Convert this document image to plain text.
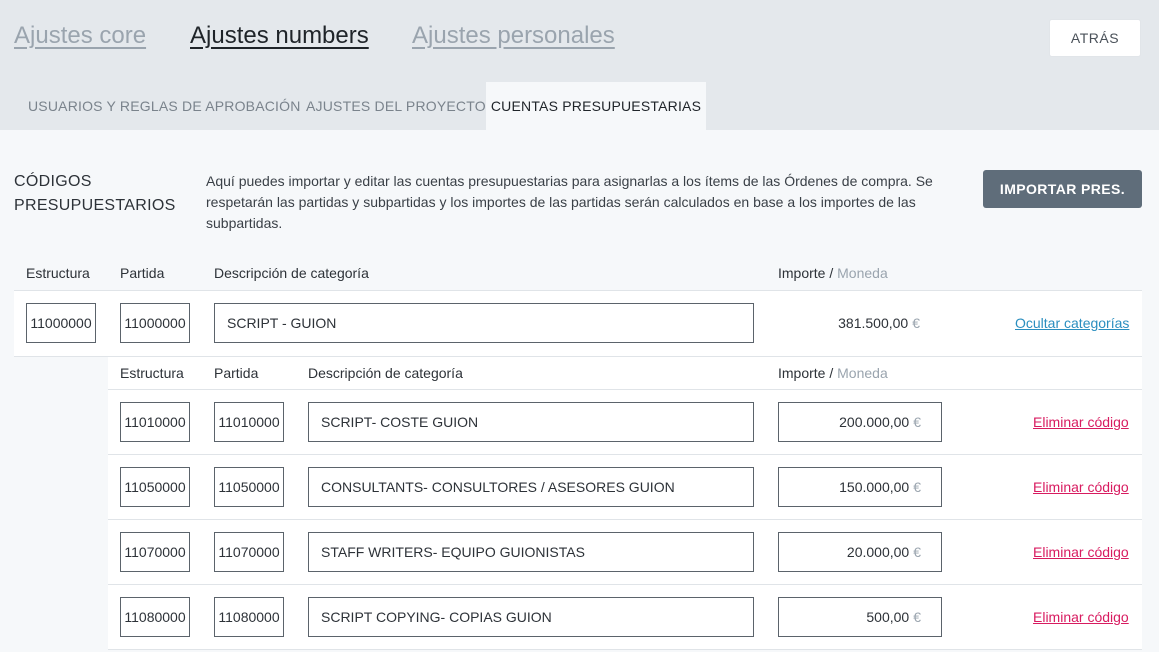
Ajustes core Ajustes numbers Ajustes personales	ATRÁS
USUARIOS Y REGLAS DE APROBACIÓN AJUSTES DEL PROYECTO CUENTAS PRESUPUESTARIAS
CÓDIGOS PRESUPUESTARIOS
Aquí puedes importar y editar las cuentas presupuestarias para asignarlas a los ítems de las Órdenes de compra. Se respetarán las partidas y subpartidas y los importes de las partidas serán calculados en base a los importes de las subpartidas.
IMPORTAR PRES.
Estructura Partida	Descripción de categoría	Importe / Moneda
11000000	11000000	SCRIPT - GUION	381.500,00 €	Ocultar categorías
Estructura Partida	Descripción de categoría	Importe / Moneda
11010000	11010000	SCRIPT- COSTE GUION	200.000,00 €	Eliminar código
11050000	11050000	CONSULTANTS- CONSULTORES / ASESORES GUION	150.000,00 €	Eliminar código
11070000	11070000	STAFF WRITERS- EQUIPO GUIONISTAS	20.000,00 €	Eliminar código
11080000	11080000	SCRIPT COPYING- COPIAS GUION	500,00 €	Eliminar código
